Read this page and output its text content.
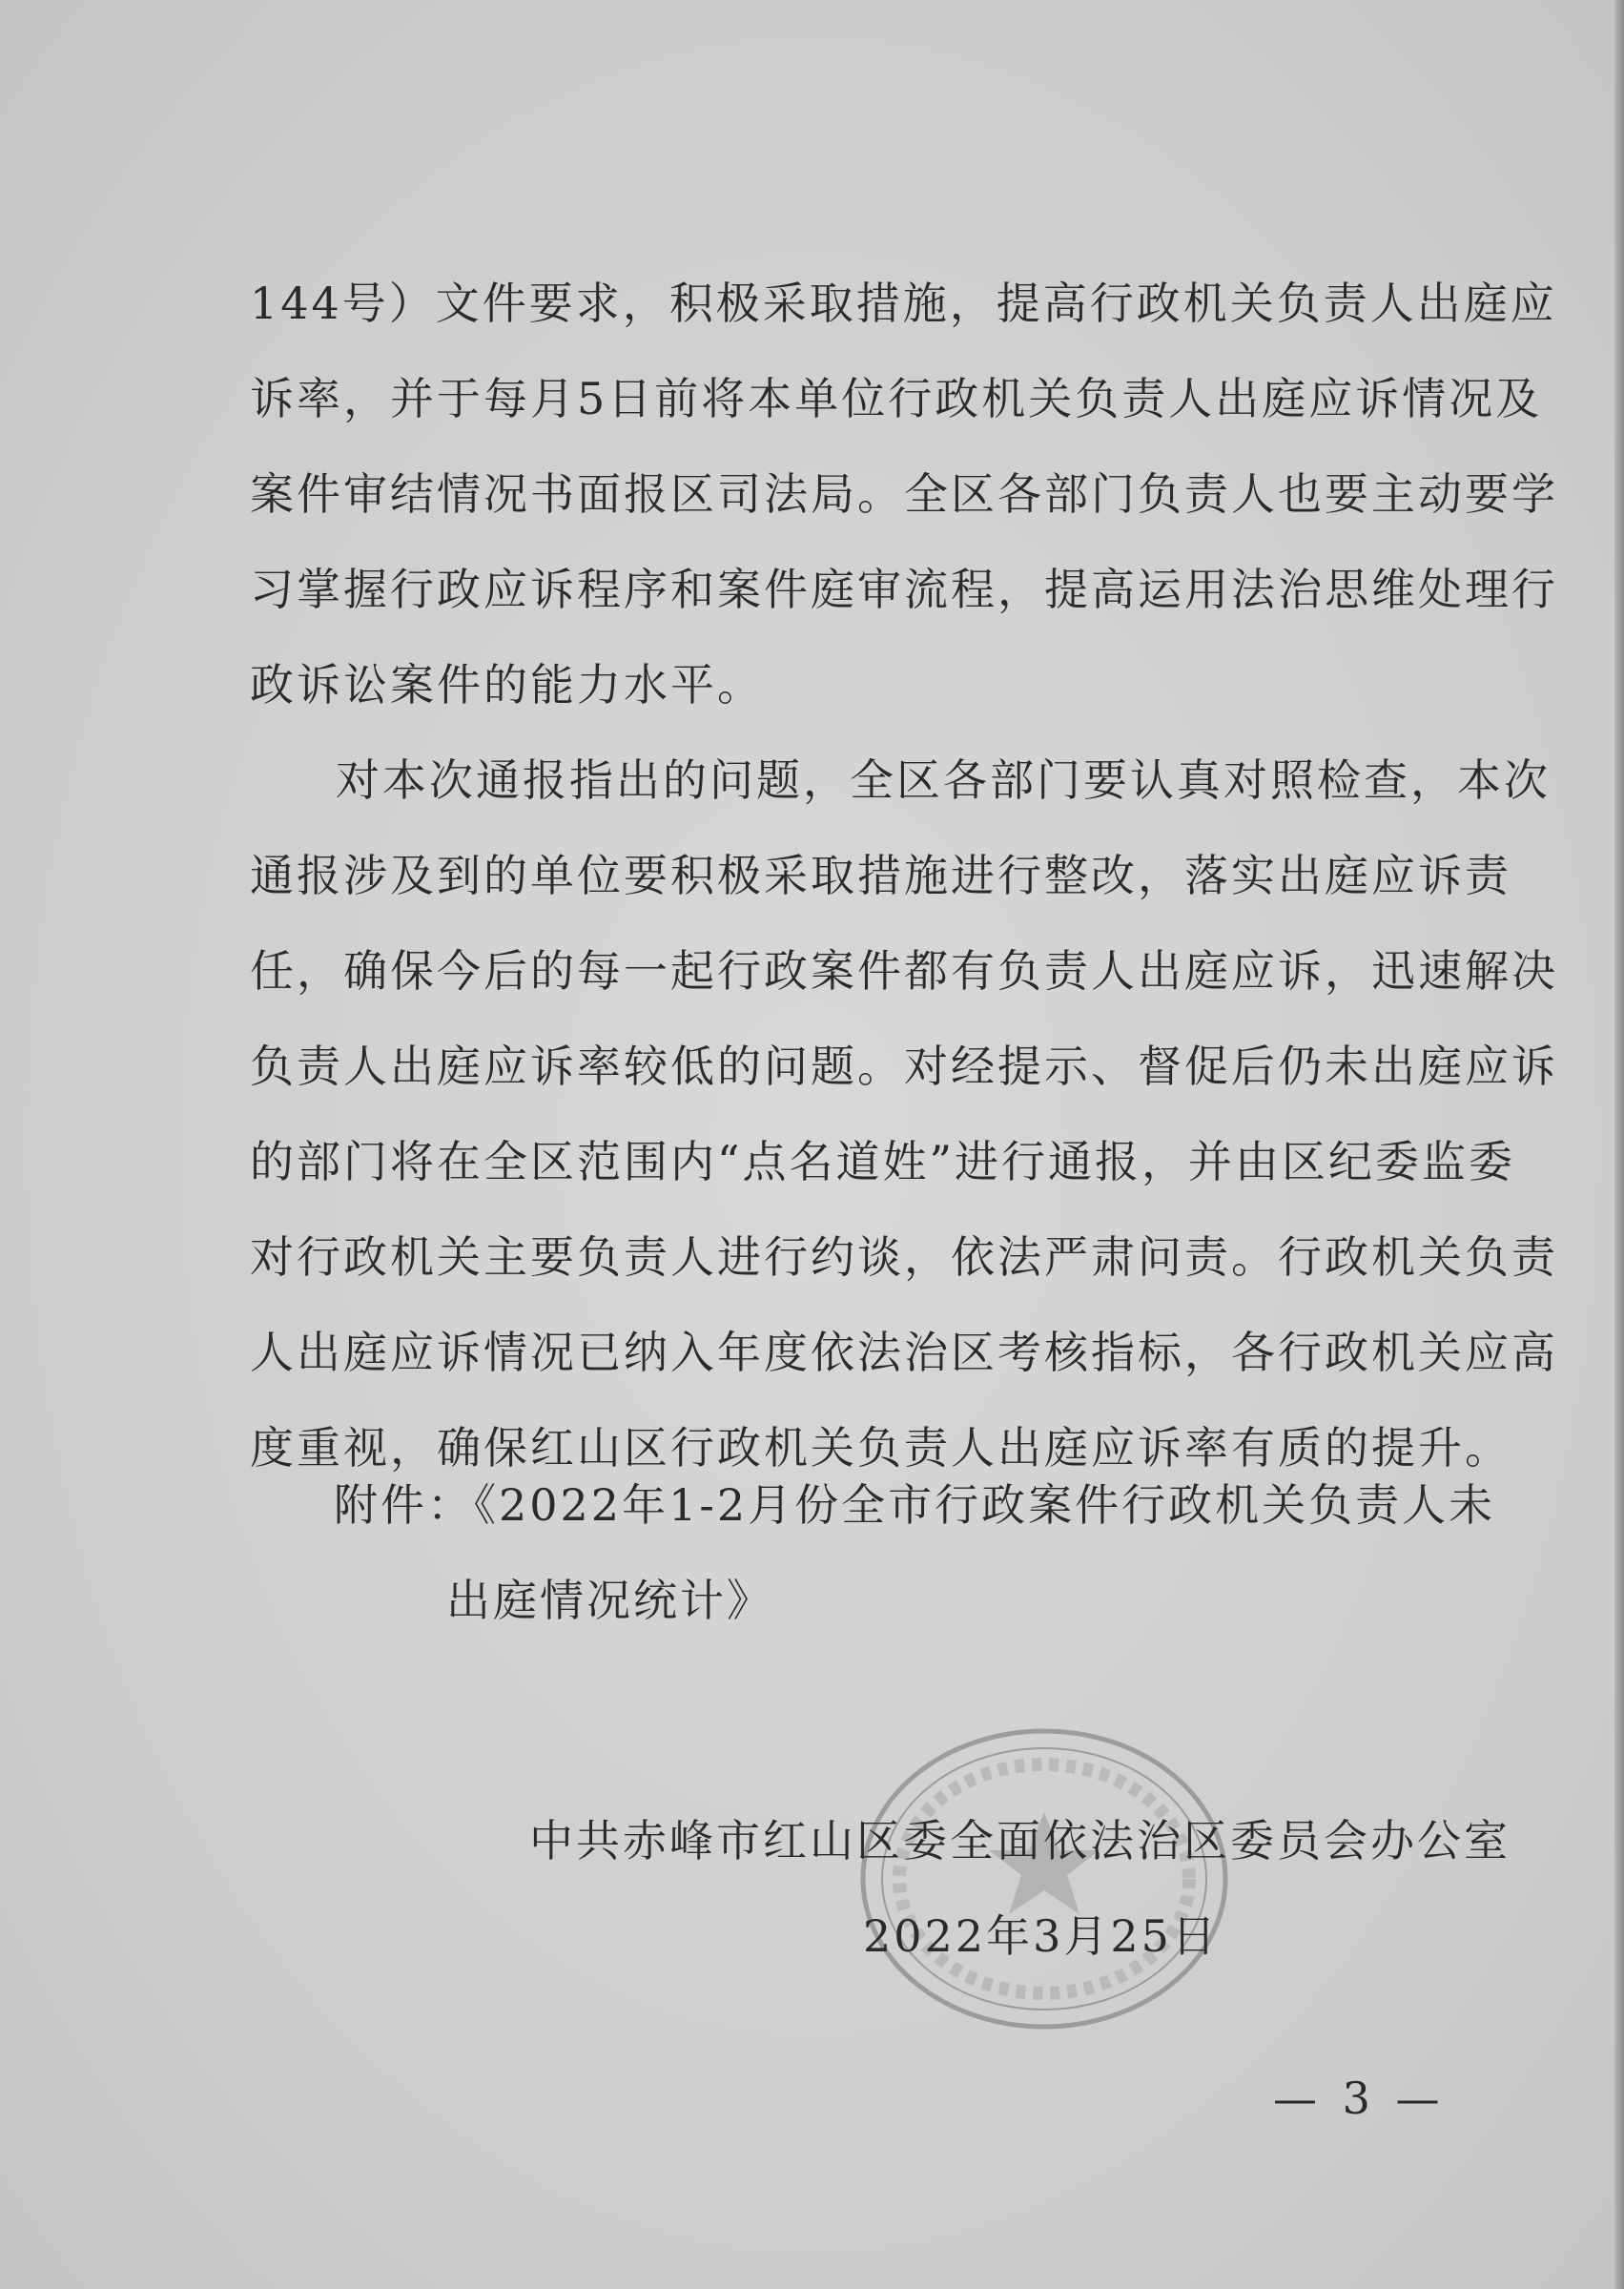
144号）文件要求，积极采取措施，提高行政机关负责人出庭应
诉率，并于每月5日前将本单位行政机关负责人出庭应诉情况及
案件审结情况书面报区司法局。全区各部门负责人也要主动要学
习掌握行政应诉程序和案件庭审流程，提高运用法治思维处理行
政诉讼案件的能力水平。
对本次通报指出的问题，全区各部门要认真对照检查，本次
通报涉及到的单位要积极采取措施进行整改，落实出庭应诉责
任，确保今后的每一起行政案件都有负责人出庭应诉，迅速解决
负责人出庭应诉率较低的问题。对经提示、督促后仍未出庭应诉
的部门将在全区范围内“点名道姓”进行通报，并由区纪委监委
对行政机关主要负责人进行约谈，依法严肃问责。行政机关负责
人出庭应诉情况已纳入年度依法治区考核指标，各行政机关应高
度重视，确保红山区行政机关负责人出庭应诉率有质的提升。
附件：《2022年1-2月份全市行政案件行政机关负责人未
出庭情况统计》
中共赤峰市红山区委全面依法治区委员会办公室
2022年3月25日
— 3 —
